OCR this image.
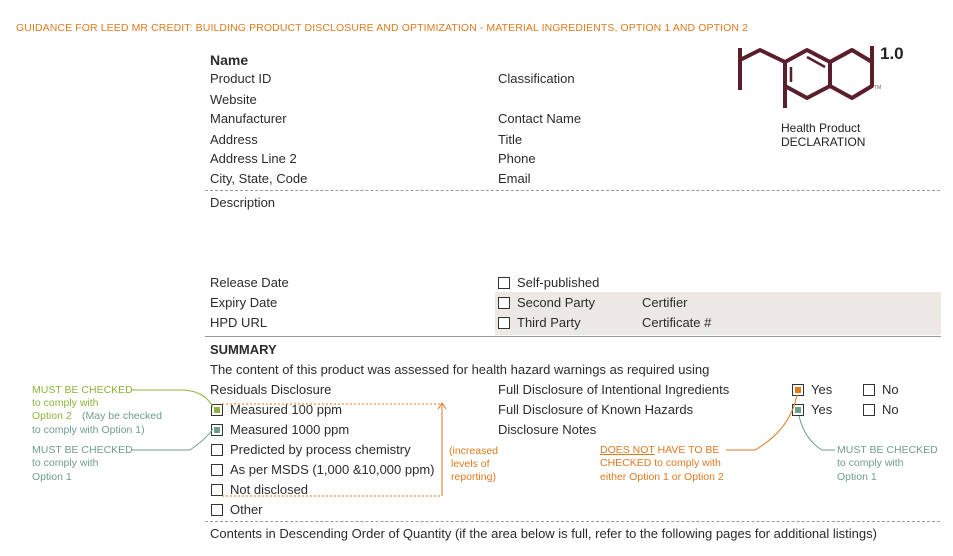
GUIDANCE FOR LEED MR CREDIT: BUILDING PRODUCT DISCLOSURE AND OPTIMIZATION - MATERIAL INGREDIENTS, OPTION 1 AND OPTION 2
1.0
TM
Health Product
DECLARATION
Name
Product ID
Website
Manufacturer
Address
Address Line 2
City, State, Code
Classification
Contact Name
Title
Phone
Email
Description
Release Date
Expiry Date
HPD URL
Self-published
Second Party
Third Party
Certifier
Certificate #
SUMMARY
The content of this product was assessed for health hazard warnings as required using
Residuals Disclosure
Measured 100 ppm
Measured 1000 ppm
Predicted by process chemistry
As per MSDS (1,000 &10,000 ppm)
Not disclosed
Other
Full Disclosure of Intentional Ingredients
Full Disclosure of Known Hazards
Disclosure Notes
Yes	No
Yes	No
MUST BE CHECKED
to comply with
Option 2 (May be checked
to comply with Option 1)
MUST BE CHECKED
to comply with
Option 1
(increased
levels of
reporting)
DOES NOT HAVE TO BE
CHECKED to comply with
either Option 1 or Option 2
MUST BE CHECKED
to comply with
Option 1
Contents in Descending Order of Quantity (if the area below is full, refer to the following pages for additional listings)
